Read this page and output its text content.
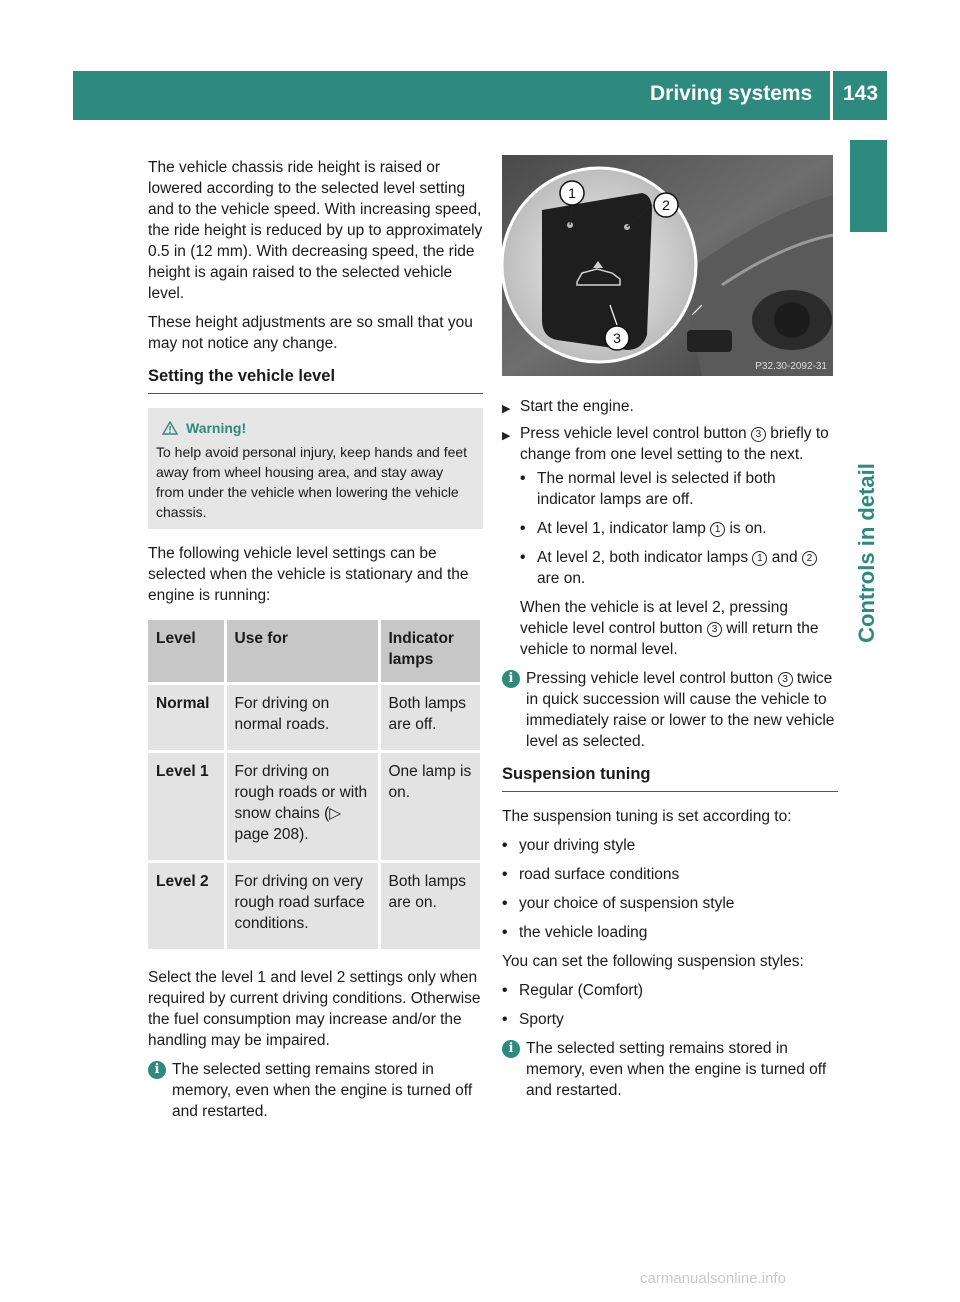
Driving systems 143
Controls in detail

The vehicle chassis ride height is raised or lowered according to the selected level setting and to the vehicle speed. With increasing speed, the ride height is reduced by up to approximately 0.5 in (12 mm). With decreasing speed, the ride height is again raised to the selected vehicle level.

These height adjustments are so small that you may not notice any change.

Setting the vehicle level
Warning!
To help avoid personal injury, keep hands and feet away from wheel housing area, and stay away from under the vehicle when lowering the vehicle chassis.

The following vehicle level settings can be selected when the vehicle is stationary and the engine is running:

Level	Use for	Indicator lamps
Normal	For driving on normal roads.	Both lamps are off.
Level 1	For driving on rough roads or with snow chains (▷ page 208).	One lamp is on.
Level 2	For driving on very rough road surface conditions.	Both lamps are on.

Select the level 1 and level 2 settings only when required by current driving conditions. Otherwise the fuel consumption may increase and/or the handling may be impaired.

i The selected setting remains stored in memory, even when the engine is turned off and restarted.
1
2
3
P32.30-2092-31
▶ Start the engine.
▶ Press vehicle level control button 3 briefly to change from one level setting to the next.
• The normal level is selected if both indicator lamps are off.
• At level 1, indicator lamp 1 is on.
• At level 2, both indicator lamps 1 and 2 are on.

When the vehicle is at level 2, pressing vehicle level control button 3 will return the vehicle to normal level.

i Pressing vehicle level control button 3 twice in quick succession will cause the vehicle to immediately raise or lower to the new vehicle level as selected.
Suspension tuning

The suspension tuning is set according to:

• your driving style
• road surface conditions
• your choice of suspension style
• the vehicle loading

You can set the following suspension styles:

• Regular (Comfort)
• Sporty
i The selected setting remains stored in memory, even when the engine is turned off and restarted.
carmanualsonline.info
